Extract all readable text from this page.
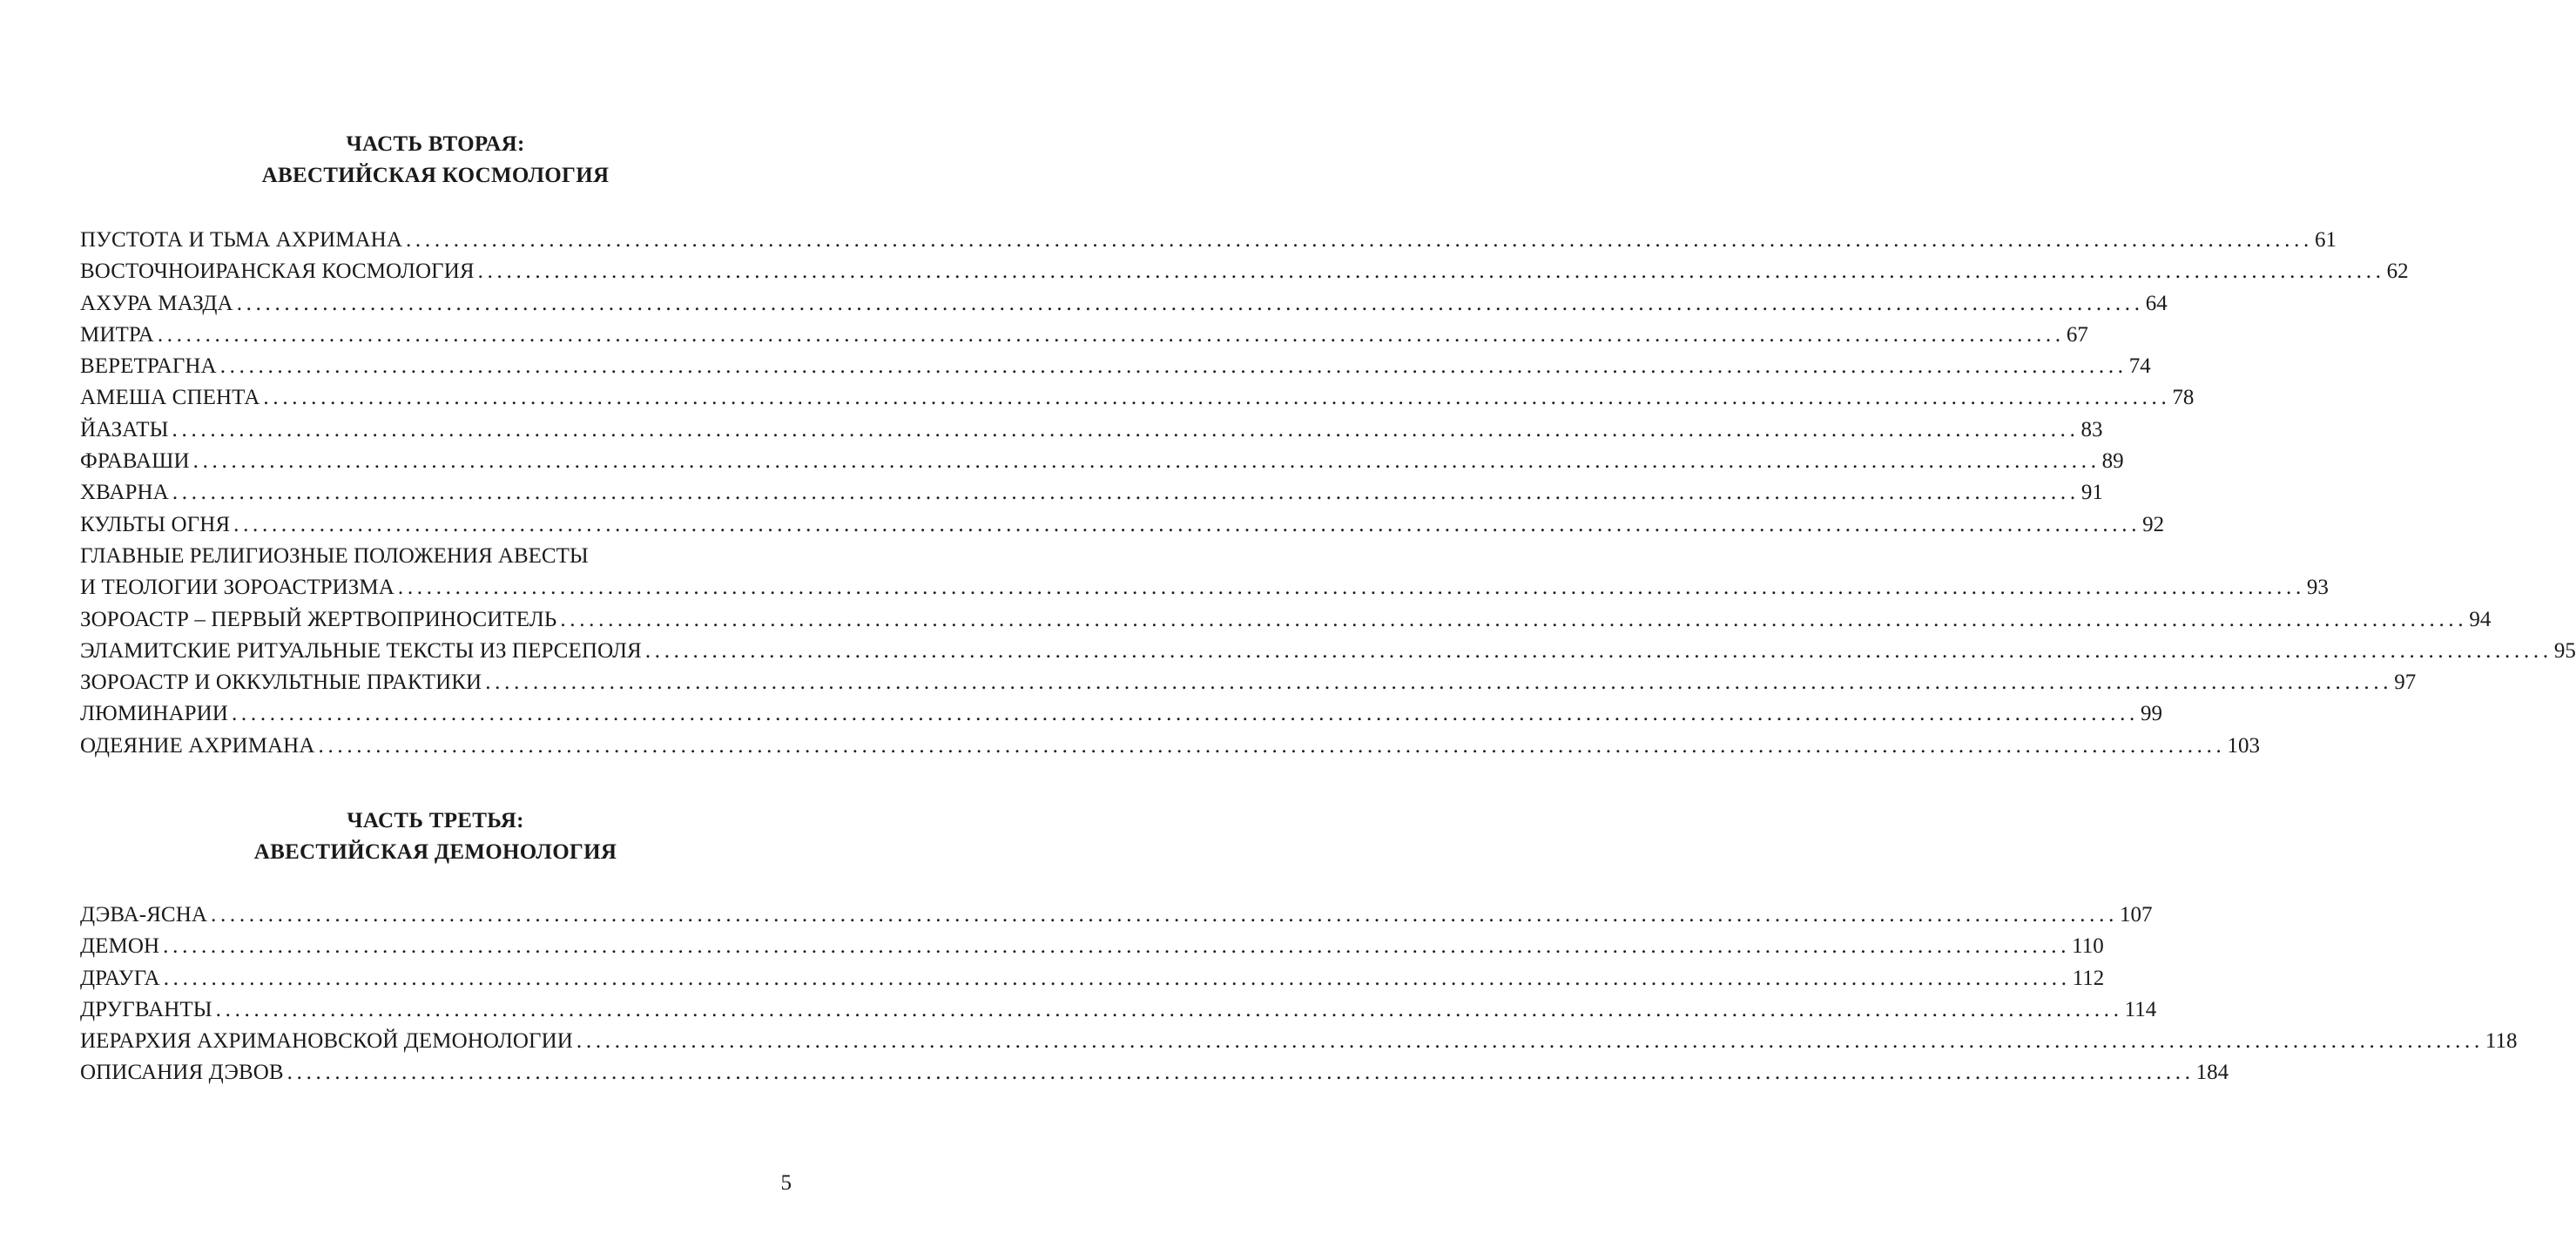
ЧАСТЬ ВТОРАЯ:
АВЕСТИЙСКАЯ КОСМОЛОГИЯ
ПУСТОТА И ТЬМА АХРИМАНА ........................................................................................................................................................................................................ 61
ВОСТОЧНОИРАНСКАЯ КОСМОЛОГИЯ ........................................................................................................................................................................................................ 62
АХУРА МАЗДА ........................................................................................................................................................................................................ 64
МИТРА ........................................................................................................................................................................................................ 67
ВЕРЕТРАГНА ........................................................................................................................................................................................................ 74
АМЕША СПЕНТА ........................................................................................................................................................................................................ 78
ЙАЗАТЫ ........................................................................................................................................................................................................ 83
ФРАВАШИ ........................................................................................................................................................................................................ 89
ХВАРНА ........................................................................................................................................................................................................ 91
КУЛЬТЫ ОГНЯ ........................................................................................................................................................................................................ 92
ГЛАВНЫЕ РЕЛИГИОЗНЫЕ ПОЛОЖЕНИЯ АВЕСТЫ
И ТЕОЛОГИИ ЗОРОАСТРИЗМА ........................................................................................................................................................................................................ 93
ЗОРОАСТР – ПЕРВЫЙ ЖЕРТВОПРИНОСИТЕЛЬ ........................................................................................................................................................................................................ 94
ЭЛАМИТСКИЕ РИТУАЛЬНЫЕ ТЕКСТЫ ИЗ ПЕРСЕПОЛЯ ........................................................................................................................................................................................................ 95
ЗОРОАСТР И ОККУЛЬТНЫЕ ПРАКТИКИ ........................................................................................................................................................................................................ 97
ЛЮМИНАРИИ ........................................................................................................................................................................................................ 99
ОДЕЯНИЕ АХРИМАНА ........................................................................................................................................................................................................ 103
ЧАСТЬ ТРЕТЬЯ:
АВЕСТИЙСКАЯ ДЕМОНОЛОГИЯ
ДЭВА-ЯСНА ........................................................................................................................................................................................................ 107
ДЕМОН ........................................................................................................................................................................................................ 110
ДРАУГА ........................................................................................................................................................................................................ 112
ДРУГВАНТЫ ........................................................................................................................................................................................................ 114
ИЕРАРХИЯ АХРИМАНОВСКОЙ ДЕМОНОЛОГИИ ........................................................................................................................................................................................................ 118
ОПИСАНИЯ ДЭВОВ ........................................................................................................................................................................................................ 184
5
